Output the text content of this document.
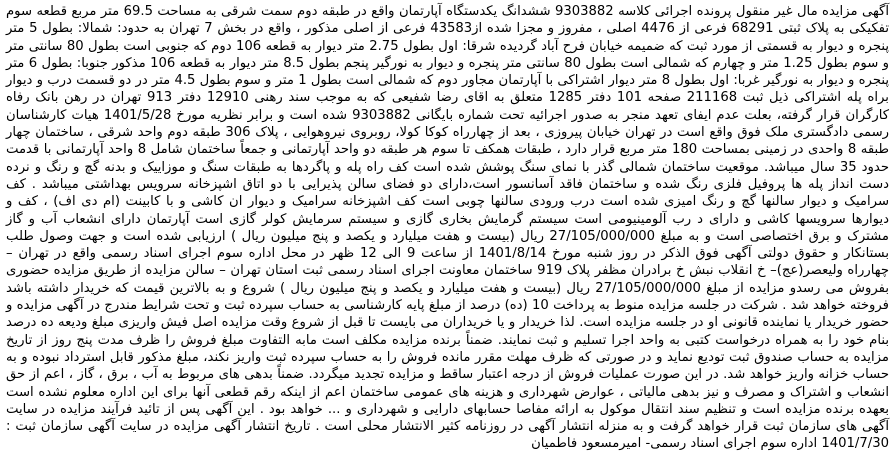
آگهی مزایده مال غیر منقول پرونده اجرائی کلاسه 9303882 ششدانگ یکدستگاه آپارتمان واقع در طبقه دوم سمت شرقی به مساحت 69.5 متر مربع قطعه سوم تفکیکی به پلاک ثبتی 68291 فرعی از 4476 اصلی ، مفروز و مجزا شده از43583 فرعی از اصلی مذکور ، واقع در بخش 7 تهران به حدود: شمالا: بطول 5 متر پنجره و دیوار به قسمتی از مورد ثبت که ضمیمه خیابان فرح آباد گردیده شرقا: اول بطول 2.75 متر دیوار به قطعه 106 دوم که جنوبی است بطول 80 سانتی متر و سوم بطول 1.25 متر و چهارم که شمالی است بطول 80 سانتی متر پنجره و دیوار به نورگیر پنجم بطول 8.5 متر دیوار به قطعه 106 مذکور جنوبا: بطول 6 متر پنجره و دیوار به نورگیر غربا: اول بطول 8 متر دیوار اشتراکی با آپارتمان مجاور دوم که شمالی است بطول 1 متر و سوم بطول 4.5 متر در دو قسمت درب و دیوار براه پله اشتراکی ذیل ثبت 211168 صفحه 101 دفتر 1285 متعلق به اقای رضا شفیعی که به موجب سند رهنی 12910 دفتر 913 تهران در رهن بانک رفاه کارگران قرار گرفته، بعلت عدم ایفای تعهد منجر به صدور اجرائیه تحت شماره بایگانی 9303882 شده است و برابر نظریه مورخ 1401/5/28 هیات کارشناسان رسمی دادگستری ملک فوق واقع است در تهران خیابان پیروزی ، بعد از چهارراه کوکا کولا، روبروی نیروهوایی ، پلاک 306 طبقه دوم واحد شرقی ، ساختمان چهار طبقه 8 واحدی در زمینی بمساحت 180 متر مربع قرار دارد ، طبقات همکف تا سوم هر طبقه دو واحد آپارتمانی و جمعاً ساختمان شامل 8 واحد آپارتمانی با قدمت حدود 35 سال میباشد. موقعیت ساختمان شمالی گذر با نمای سنگ پوشش شده است کف راه پله و پاگردها به طبقات سنگ و موزاییک و بدنه گچ و رنگ و نرده دست انداز پله ها پروفیل فلزی رنگ شده و ساختمان فاقد آسانسور است،دارای دو فضای سالن پذیرایی با دو اتاق اشپزخانه سرویس بهداشتی میباشد . کف سرامیک و دیوار سالنها گچ و رنگ امیزی شده است درب ورودی سالنها چوبی است کف اشپزخانه سرامیک و دیوار ان کاشی و با کابینت (ام دی اف) ، کف و دیوارها سرویسها کاشی و دارای د رب آلومینیومی است سیستم گرمایش بخاری گازی و سیستم سرمایش کولر گازی است آپارتمان دارای انشعاب آب و گاز مشترک و برق اختصاصی است و به مبلغ 27/105/000/000 ریال (بیست و هفت میلیارد و یکصد و پنج میلیون ریال ) ارزیابی شده است و جهت وصول طلب بستانکار و حقوق دولتی آگهی فوق الذکر در روز شنبه مورخ 1401/8/14 از ساعت 9 الی 12 ظهر در محل اداره سوم اجرای اسناد رسمی واقع در تهران – چهارراه ولیعصر(عج)– خ انقلاب نبش خ برادران مظفر پلاک 919 ساختمان معاونت اجرای اسناد رسمی ثبت استان تهران – سالن مزایده از طریق مزایده حضوری بفروش می رسدو مزایده از مبلغ 27/105/000/000 ریال (بیست و هفت میلیارد و یکصد و پنج میلیون ریال ) شروع و به بالاترین قیمت که خریدار داشته باشد فروخته خواهد شد . شرکت در جلسه مزایده منوط به پرداخت 10 (ده) درصد از مبلغ پایه کارشناسی به حساب سپرده ثبت و تحت شرایط مندرج در آگهی مزایده و حضور خریدار یا نماینده قانونی او در جلسه مزایده است. لذا خریدار و یا خریداران می بایست تا قبل از شروع وقت مزایده اصل فیش واریزی مبلغ ودیعه ده درصد بنام خود را به همراه درخواست کتبی به واحد اجرا تسلیم و ثبت نمایند. ضمناً برنده مزایده مکلف است مابه التفاوت مبلغ فروش را ظرف مدت پنج روز از تاریخ مزایده به حساب صندوق ثبت تودیع نماید و در صورتی که ظرف مهلت مقرر مانده فروش را به حساب سپرده ثبت واریز نکند، مبلغ مذکور قابل استرداد نبوده و به حساب خزانه واریز خواهد شد. در این صورت عملیات فروش از درجه اعتبار ساقط و مزایده تجدید میگردد. ضمناً بدهی های مربوط به آب ، برق ، گاز ، اعم از حق انشعاب و اشتراک و مصرف و نیز بدهی مالیاتی ، عوارض شهرداری و هزینه های عمومی ساختمان اعم از اینکه رقم قطعی آنها برای این اداره معلوم نشده است بعهده برنده مزایده است و تنظیم سند انتقال موکول به ارائه مفاصا حسابهای دارایی و شهرداری و ... خواهد بود . این آگهی پس از تائید فرآیند مزایده در سایت آگهی های سازمان ثبت قرار خواهد گرفت و به منزله انتشار آگهی در روزنامه کثیر الانتشار محلی است . تاریخ انتشار آگهی مزایده در سایت آگهی سازمان ثبت : 1401/7/30 اداره سوم اجرای اسناد رسمی- امیرمسعود فاطمیان
